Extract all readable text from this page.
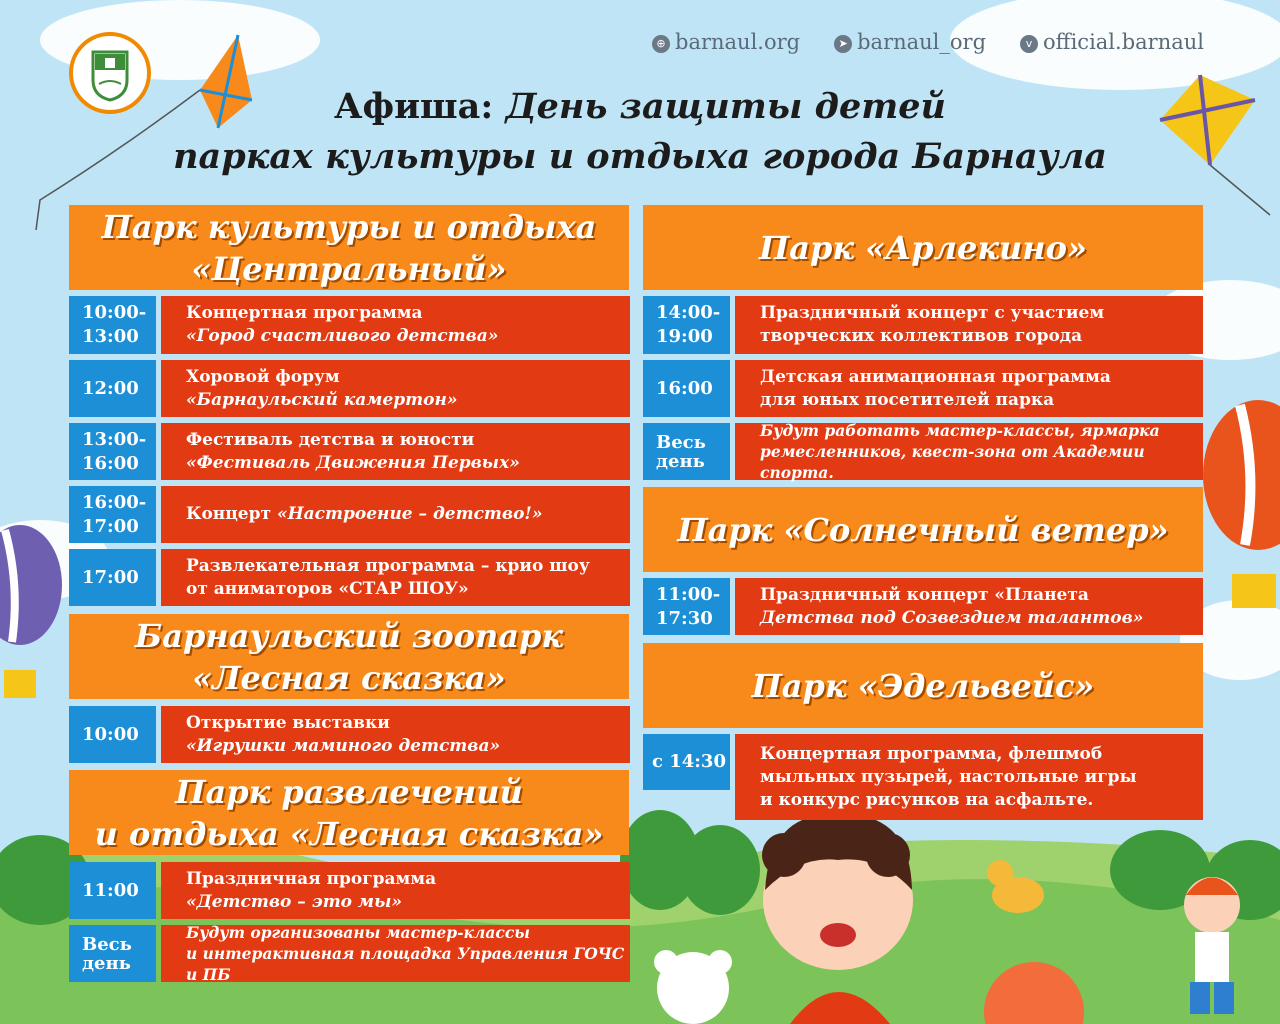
⊕ barnaul.org	➤ barnaul_org	v official.barnaul
Афиша: День защиты детей
парках культуры и отдыха города Барнаула
Парк культуры и отдыха
«Центральный»
10:00-
13:00
Концертная программа
«Город счастливого детства»
12:00
Хоровой форум
«Барнаульский камертон»
13:00-
16:00
Фестиваль детства и юности
«Фестиваль Движения Первых»
16:00-
17:00
Концерт «Настроение – детство!»
17:00
Развлекательная программа – крио шоу
от аниматоров «СТАР ШОУ»
Барнаульский зоопарк
«Лесная сказка»
10:00
Открытие выставки
«Игрушки маминого детства»
Парк развлечений
и отдыха «Лесная сказка»
11:00
Праздничная программа
«Детство – это мы»
Весь
день
Будут организованы мастер-классы
и интерактивная площадка Управления ГОЧС и ПБ
Парк «Арлекино»
14:00-
19:00
Праздничный концерт с участием
творческих коллективов города
16:00
Детская анимационная программа
для юных посетителей парка
Весь
день
Будут работать мастер-классы, ярмарка
ремесленников, квест-зона от Академии спорта.
Парк «Солнечный ветер»
11:00-
17:30
Праздничный концерт «Планета
Детства под Созвездием талантов»
Парк «Эдельвейс»
с 14:30 Концертная программа, флешмоб
мыльных пузырей, настольные игры
и конкурс рисунков на асфальте.
